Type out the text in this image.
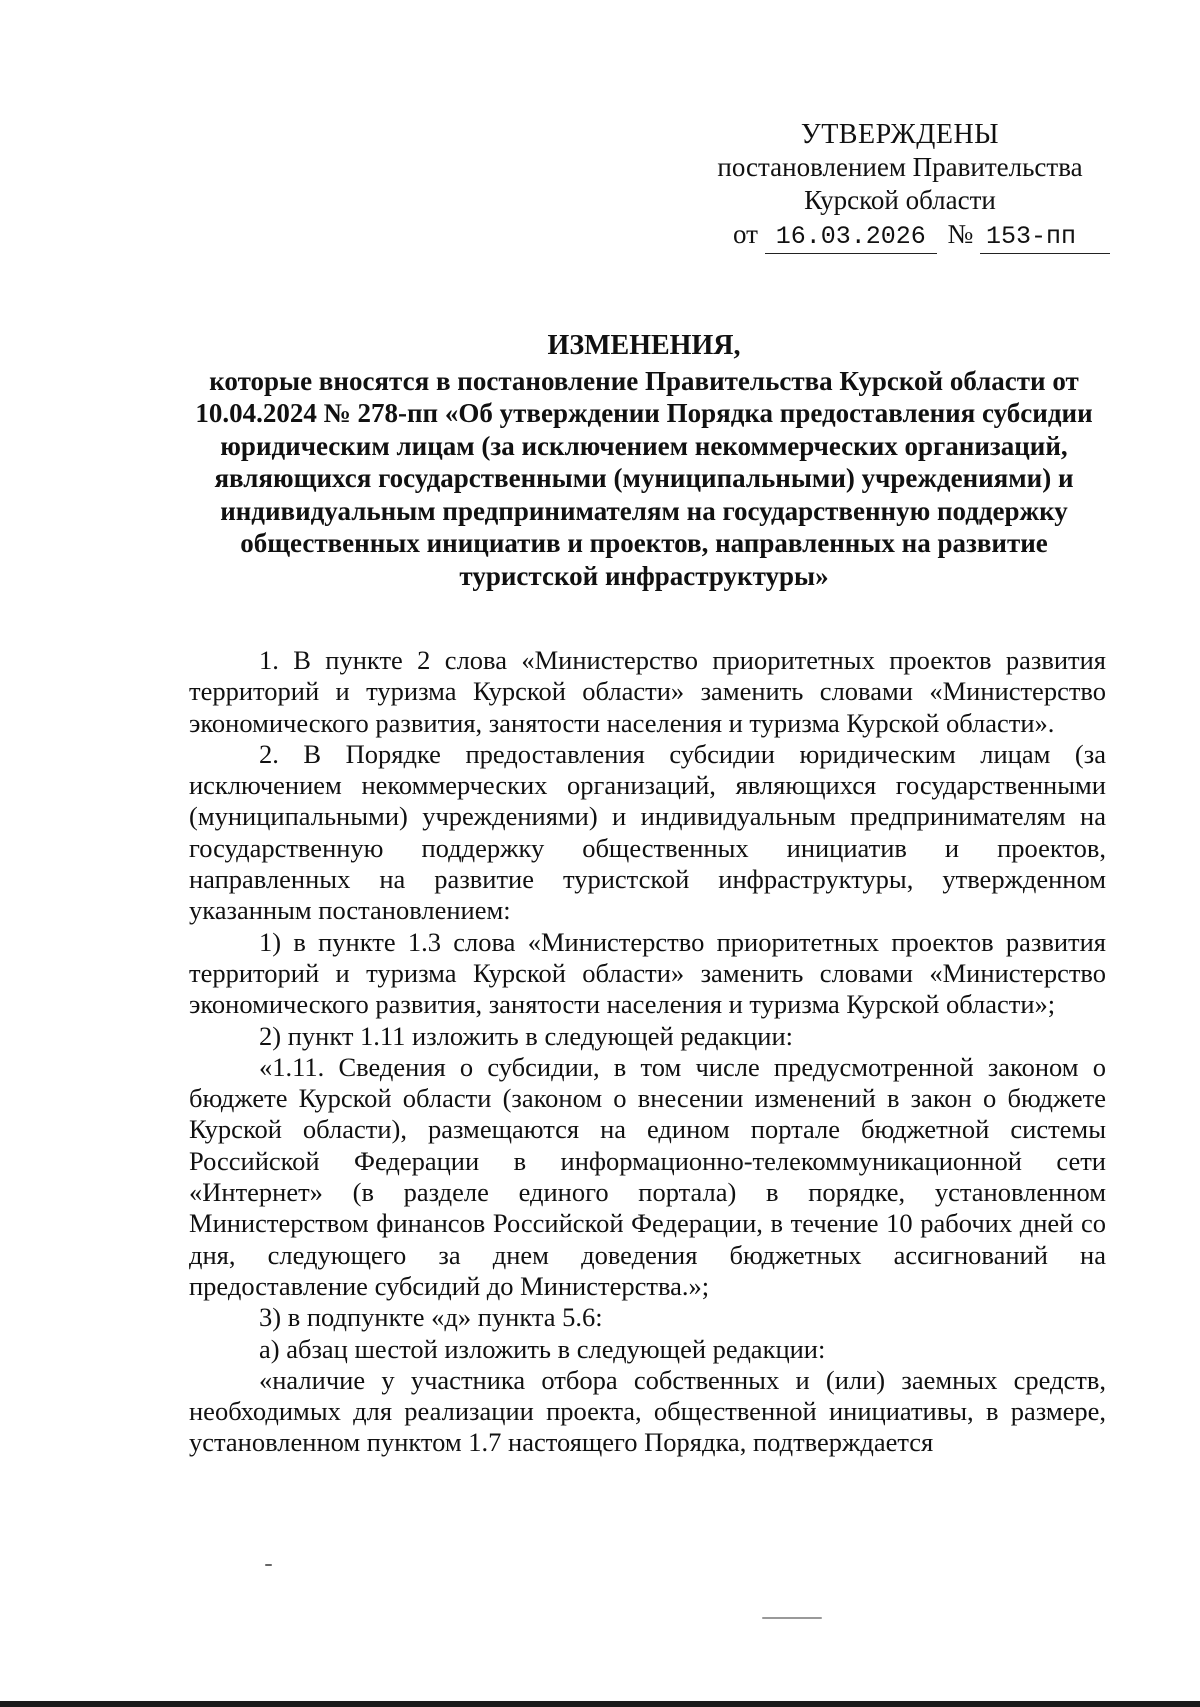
УТВЕРЖДЕНЫ
постановлением Правительства
Курской области
от 16.03.2026 № 153-пп
ИЗМЕНЕНИЯ,
которые вносятся в постановление Правительства Курской области от 10.04.2024 № 278-пп «Об утверждении Порядка предоставления субсидии юридическим лицам (за исключением некоммерческих организаций, являющихся государственными (муниципальными) учреждениями) и индивидуальным предпринимателям на государственную поддержку общественных инициатив и проектов, направленных на развитие туристской инфраструктуры»

1. В пункте 2 слова «Министерство приоритетных проектов развития территорий и туризма Курской области» заменить словами «Министерство экономического развития, занятости населения и туризма Курской области».

2. В Порядке предоставления субсидии юридическим лицам (за исключением некоммерческих организаций, являющихся государственными (муниципальными) учреждениями) и индивидуальным предпринимателям на государственную поддержку общественных инициатив и проектов, направленных на развитие туристской инфраструктуры, утвержденном указанным постановлением:

1) в пункте 1.3 слова «Министерство приоритетных проектов развития территорий и туризма Курской области» заменить словами «Министерство экономического развития, занятости населения и туризма Курской области»;

2) пункт 1.11 изложить в следующей редакции:

«1.11. Сведения о субсидии, в том числе предусмотренной законом о бюджете Курской области (законом о внесении изменений в закон о бюджете Курской области), размещаются на едином портале бюджетной системы Российской Федерации в информационно-телекоммуникационной сети «Интернет» (в разделе единого портала) в порядке, установленном Министерством финансов Российской Федерации, в течение 10 рабочих дней со дня, следующего за днем доведения бюджетных ассигнований на предоставление субсидий до Министерства.»;

3) в подпункте «д» пункта 5.6:

а) абзац шестой изложить в следующей редакции:

«наличие у участника отбора собственных и (или) заемных средств, необходимых для реализации проекта, общественной инициативы, в размере, установленном пунктом 1.7 настоящего Порядка, подтверждается
